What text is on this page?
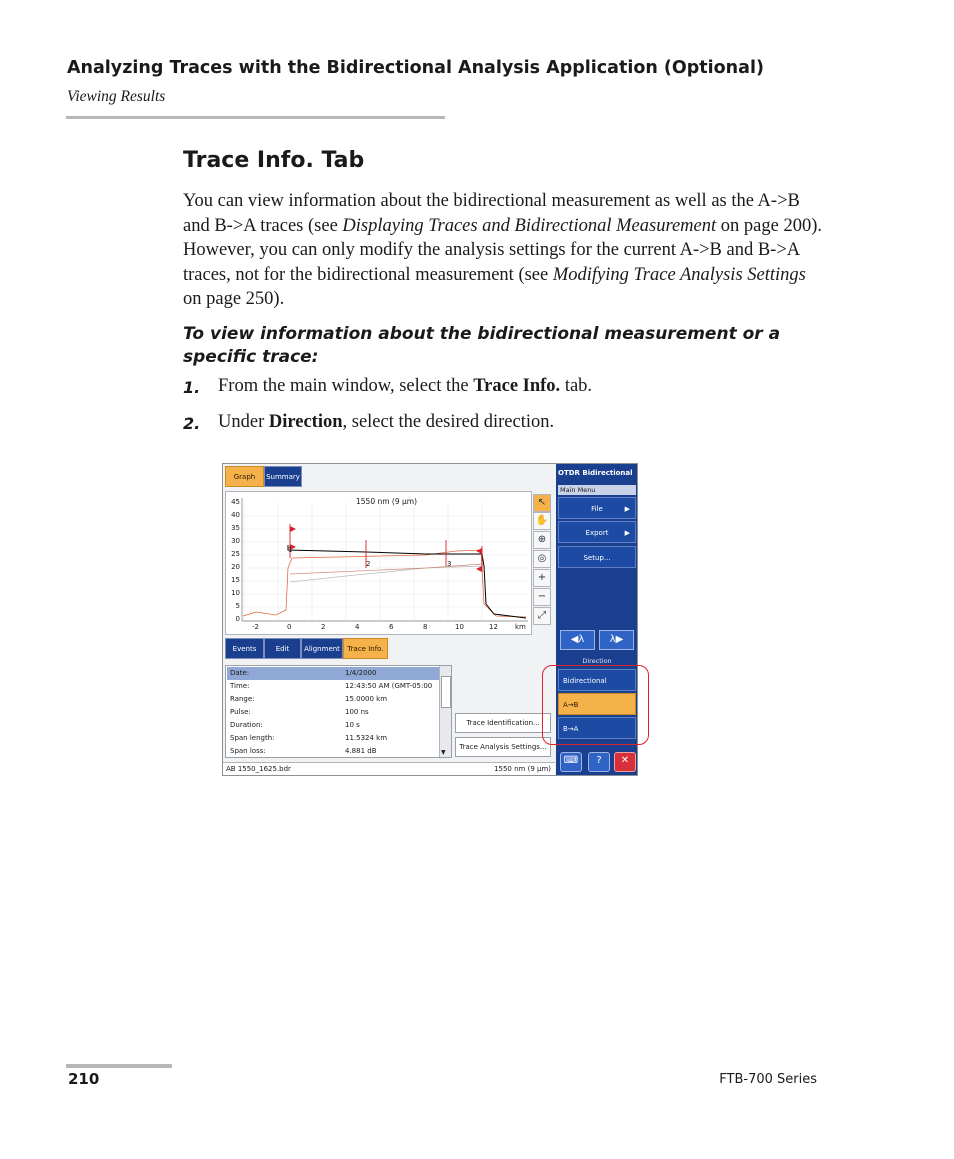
Analyzing Traces with the Bidirectional Analysis Application (Optional)
Viewing Results
Trace Info. Tab
You can view information about the bidirectional measurement as well as the A->B and B->A traces (see Displaying Traces and Bidirectional Measurement on page 200). However, you can only modify the analysis settings for the current A->B and B->A traces, not for the bidirectional measurement (see Modifying Trace Analysis Settings on page 250).
To view information about the bidirectional measurement or a specific trace:
1. From the main window, select the Trace Info. tab.
2. Under Direction, select the desired direction.
Graph	Summary
1550 nm (9 µm)
1
2	3
45
40
35
30
25
20
15
10
5
0
-2	0	2	4	6	8	10	12 km
↖
✋
⊕
◎
+
−
⤢
Events	Edit	Alignment	Trace Info.
Date:	1/4/2000
Time:	12:43:50 AM (GMT-05:00
Range:	15.0000 km
Pulse:	100 ns
Duration:	10 s
Span length:	11.5324 km
Span loss:	4.881 dB	▼
Trace Identification...
Trace Analysis Settings...
AB 1550_1625.bdr	1550 nm (9 µm)
OTDR Bidirectional
Main Menu
File	▶
Export ▶
Setup...
◀λ	λ▶
Direction
Bidirectional
A→B
B→A
⌨	?	✕
210	FTB-700 Series
